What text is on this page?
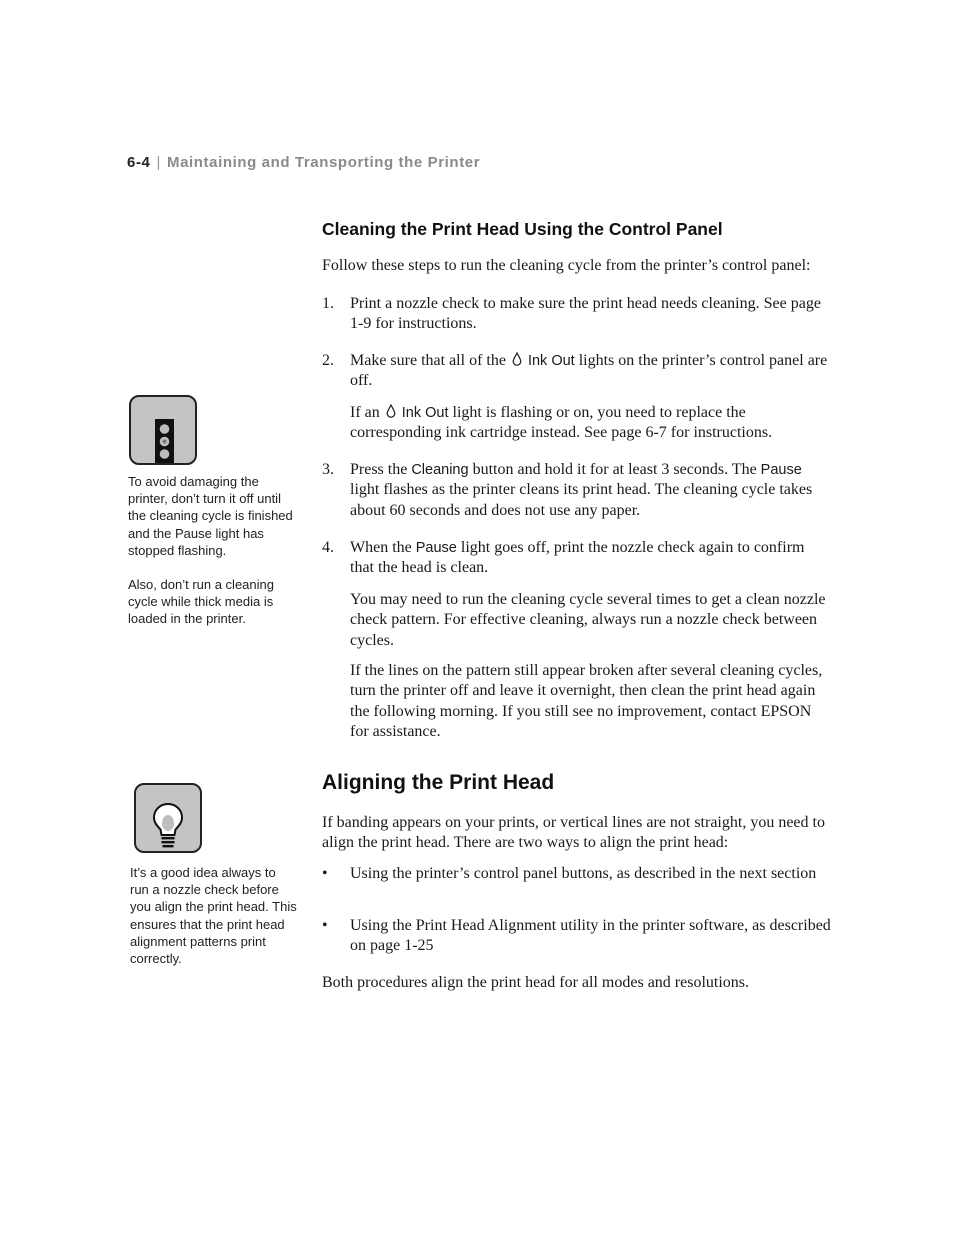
6-4 | Maintaining and Transporting the Printer
Cleaning the Print Head Using the Control Panel

Follow these steps to run the cleaning cycle from the printer’s control panel:

1. Print a nozzle check to make sure the print head needs cleaning. See page 1-9 for instructions.
2. Make sure that all of the Ink Out lights on the printer’s control panel are off.

If an Ink Out light is flashing or on, you need to replace the corresponding ink cartridge instead. See page 6-7 for instructions.

3. Press the Cleaning button and hold it for at least 3 seconds. The Pause light flashes as the printer cleans its print head. The cleaning cycle takes about 60 seconds and does not use any paper.
4. When the Pause light goes off, print the nozzle check again to confirm that the head is clean.

You may need to run the cleaning cycle several times to get a clean nozzle check pattern. For effective cleaning, always run a nozzle check between cycles.

If the lines on the pattern still appear broken after several cleaning cycles, turn the printer off and leave it overnight, then clean the print head again the following morning. If you still see no improvement, contact EPSON for assistance.

To avoid damaging the printer, don’t turn it off until the cleaning cycle is finished and the Pause light has stopped flashing.

Also, don’t run a cleaning cycle while thick media is loaded in the printer.

Aligning the Print Head

If banding appears on your prints, or vertical lines are not straight, you need to align the print head. There are two ways to align the print head:

• Using the printer’s control panel buttons, as described in the next section
• Using the Print Head Alignment utility in the printer software, as described on page 1-25

Both procedures align the print head for all modes and resolutions.

It’s a good idea always to run a nozzle check before you align the print head. This ensures that the print head alignment patterns print correctly.
